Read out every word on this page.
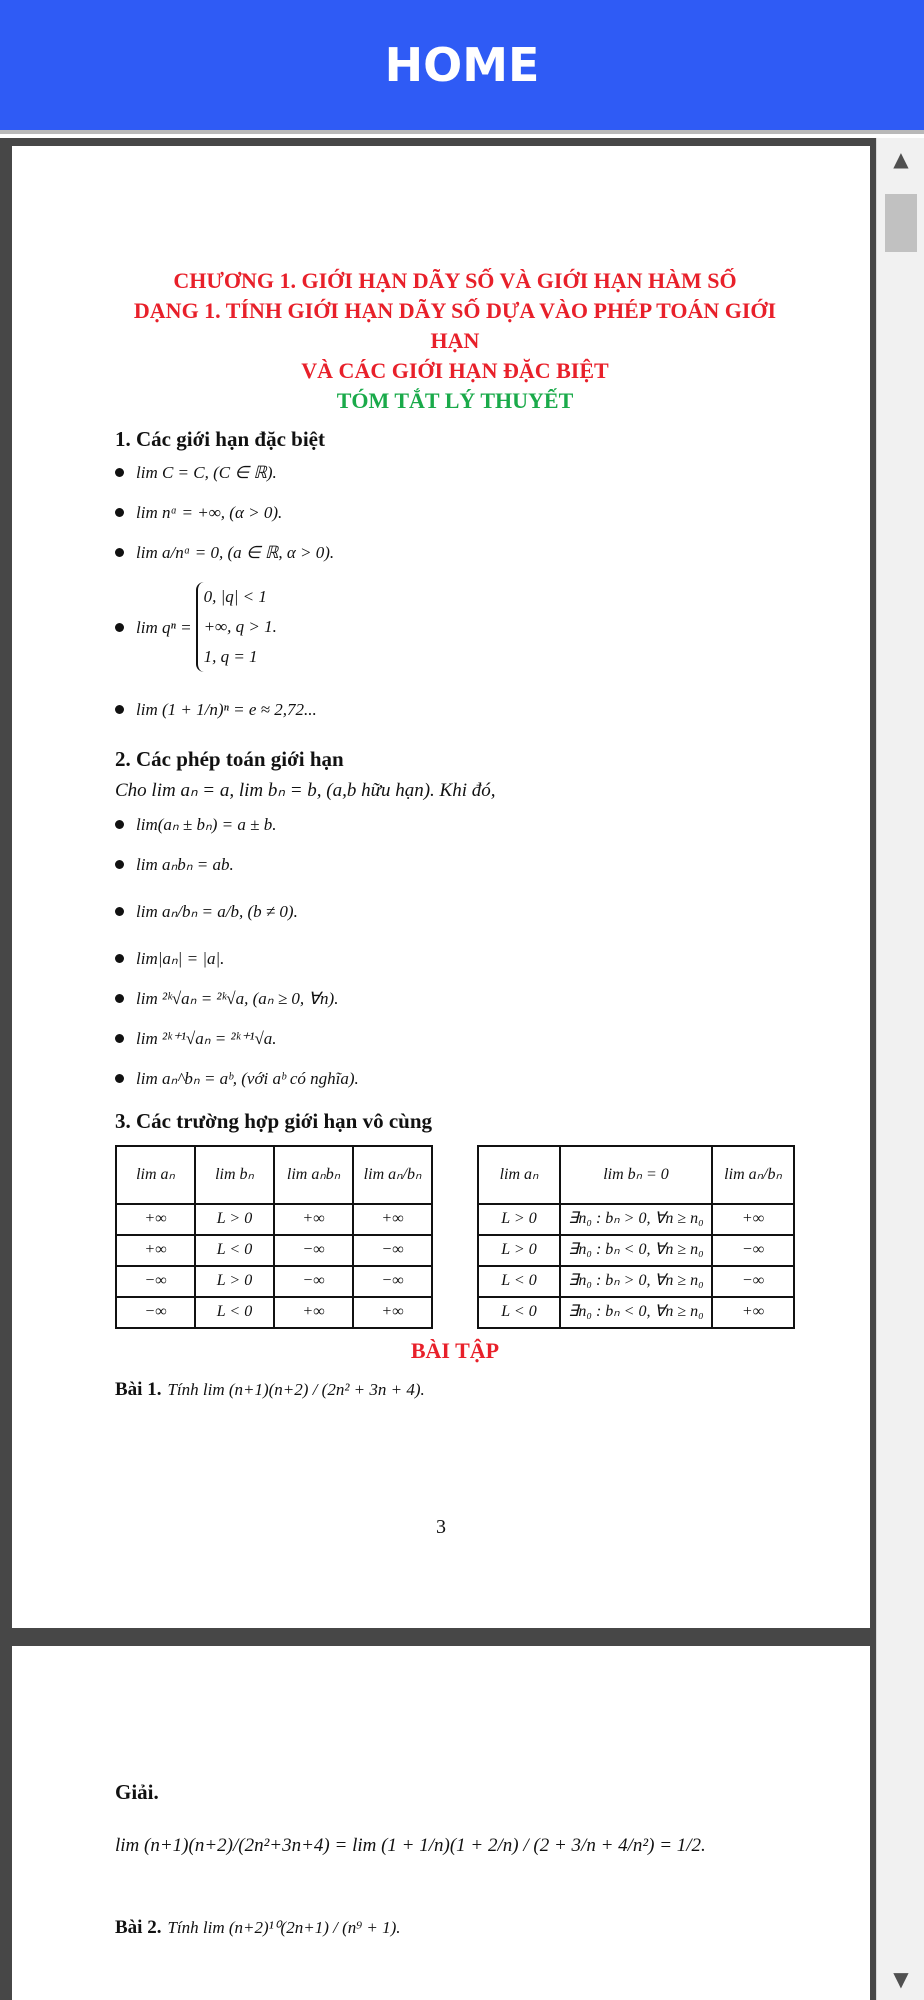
HOME
CHƯƠNG 1. GIỚI HẠN DÃY SỐ VÀ GIỚI HẠN HÀM SỐ
DẠNG 1. TÍNH GIỚI HẠN DÃY SỐ DỰA VÀO PHÉP TOÁN GIỚI HẠN
VÀ CÁC GIỚI HẠN ĐẶC BIỆT
TÓM TẮT LÝ THUYẾT
1. Các giới hạn đặc biệt
lim C = C, (C ∈ ℝ).
lim nᵅ = +∞, (α > 0).
lim a/nᵅ = 0, (a ∈ ℝ, α > 0).
lim qⁿ =
0, |q| < 1
+∞, q > 1.
1, q = 1
lim (1 + 1/n)ⁿ = e ≈ 2,72...
2. Các phép toán giới hạn
Cho lim aₙ = a, lim bₙ = b, (a,b hữu hạn). Khi đó,
lim(aₙ ± bₙ) = a ± b.
lim aₙbₙ = ab.
lim aₙ/bₙ = a/b, (b ≠ 0).
lim|aₙ| = |a|.
lim ²ᵏ√aₙ = ²ᵏ√a, (aₙ ≥ 0, ∀n).
lim ²ᵏ⁺¹√aₙ = ²ᵏ⁺¹√a.
lim aₙ^bₙ = aᵇ, (với aᵇ có nghĩa).
3. Các trường hợp giới hạn vô cùng
lim aₙ	lim bₙ	lim aₙbₙ	lim aₙ/bₙ
+∞	L > 0	+∞	+∞
+∞	L < 0	−∞	−∞
−∞	L > 0	−∞	−∞
−∞	L < 0	+∞	+∞
lim aₙ	lim bₙ = 0	lim aₙ/bₙ
L > 0	∃n₀ : bₙ > 0, ∀n ≥ n₀	+∞
L > 0	∃n₀ : bₙ < 0, ∀n ≥ n₀	−∞
L < 0	∃n₀ : bₙ > 0, ∀n ≥ n₀	−∞
L < 0	∃n₀ : bₙ < 0, ∀n ≥ n₀	+∞
BÀI TẬP
Bài 1. Tính lim (n+1)(n+2) / (2n² + 3n + 4).
3
Giải.
lim (n+1)(n+2)/(2n²+3n+4) = lim (1 + 1/n)(1 + 2/n) / (2 + 3/n + 4/n²) = 1/2.
Bài 2. Tính lim (n+2)¹⁰(2n+1) / (n⁹ + 1).
▲
▼
